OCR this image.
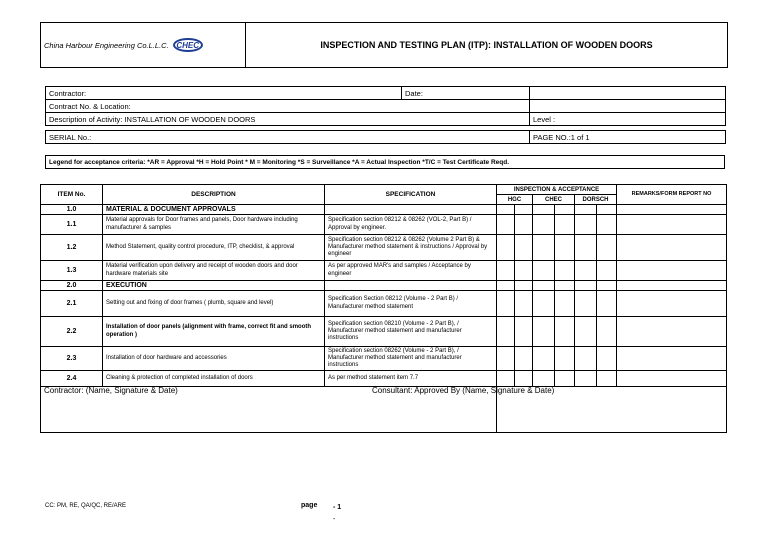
China Harbour Engineering Co.L.L.C. CHEC	INSPECTION AND TESTING PLAN (ITP): INSTALLATION OF WOODEN DOORS
Contractor:	Date:	
Contract No. & Location:		
Description of Activity: INSTALLATION OF WOODEN DOORS		Level :

SERIAL No.:		PAGE NO.:1 of 1
Legend for acceptance criteria: *AR = Approval *H = Hold Point * M = Monitoring *S = Surveillance *A = Actual Inspection *T/C = Test Certificate Reqd.
ITEM No.	DESCRIPTION	SPECIFICATION	INSPECTION & ACCEPTANCE						REMARKS/FORM REPORT NO
			HGC		CHEC		DORSCH		
1.0	MATERIAL & DOCUMENT APPROVALS								
1.1	Material approvals for Door frames and panels, Door hardware including manufacturer & samples	Specification section 08212 & 08262 (VOL-2, Part B) / Approval by engineer.							
1.2	Method Statement, quality control procedure, ITP, checklist, & approval	Specification section 08212 & 08262 (Volume 2 Part B) & Manufacturer method statement & instructions / Approval by engineer							
1.3	Material verification upon delivery and receipt of wooden doors and door hardware materials site	As per approved MAR's and samples / Acceptance by engineer							
2.0	EXECUTION								
2.1	Setting out and fixing of door frames ( plumb, square and level)	Specification Section 08212 (Volume - 2 Part B) / Manufacturer method statement							
2.2	Installation of door panels (alignment with frame, correct fit and smooth operation )	Specification section 08210 (Volume - 2 Part B), / Manufacturer method statement and manufacturer instructions							
2.3	Installation of door hardware and accessories	Specification section 08262 (Volume - 2 Part B), / Manufacturer method statement and manufacturer instructions							
2.4	Cleaning & protection of completed installation of doors	As per method statement item 7.7							
Contractor: (Name, Signature & Date)			Consultant: Approved By (Name, Signature & Date)						
CC: PM, RE, QA/QC, RE/ARE	page - 1
-
